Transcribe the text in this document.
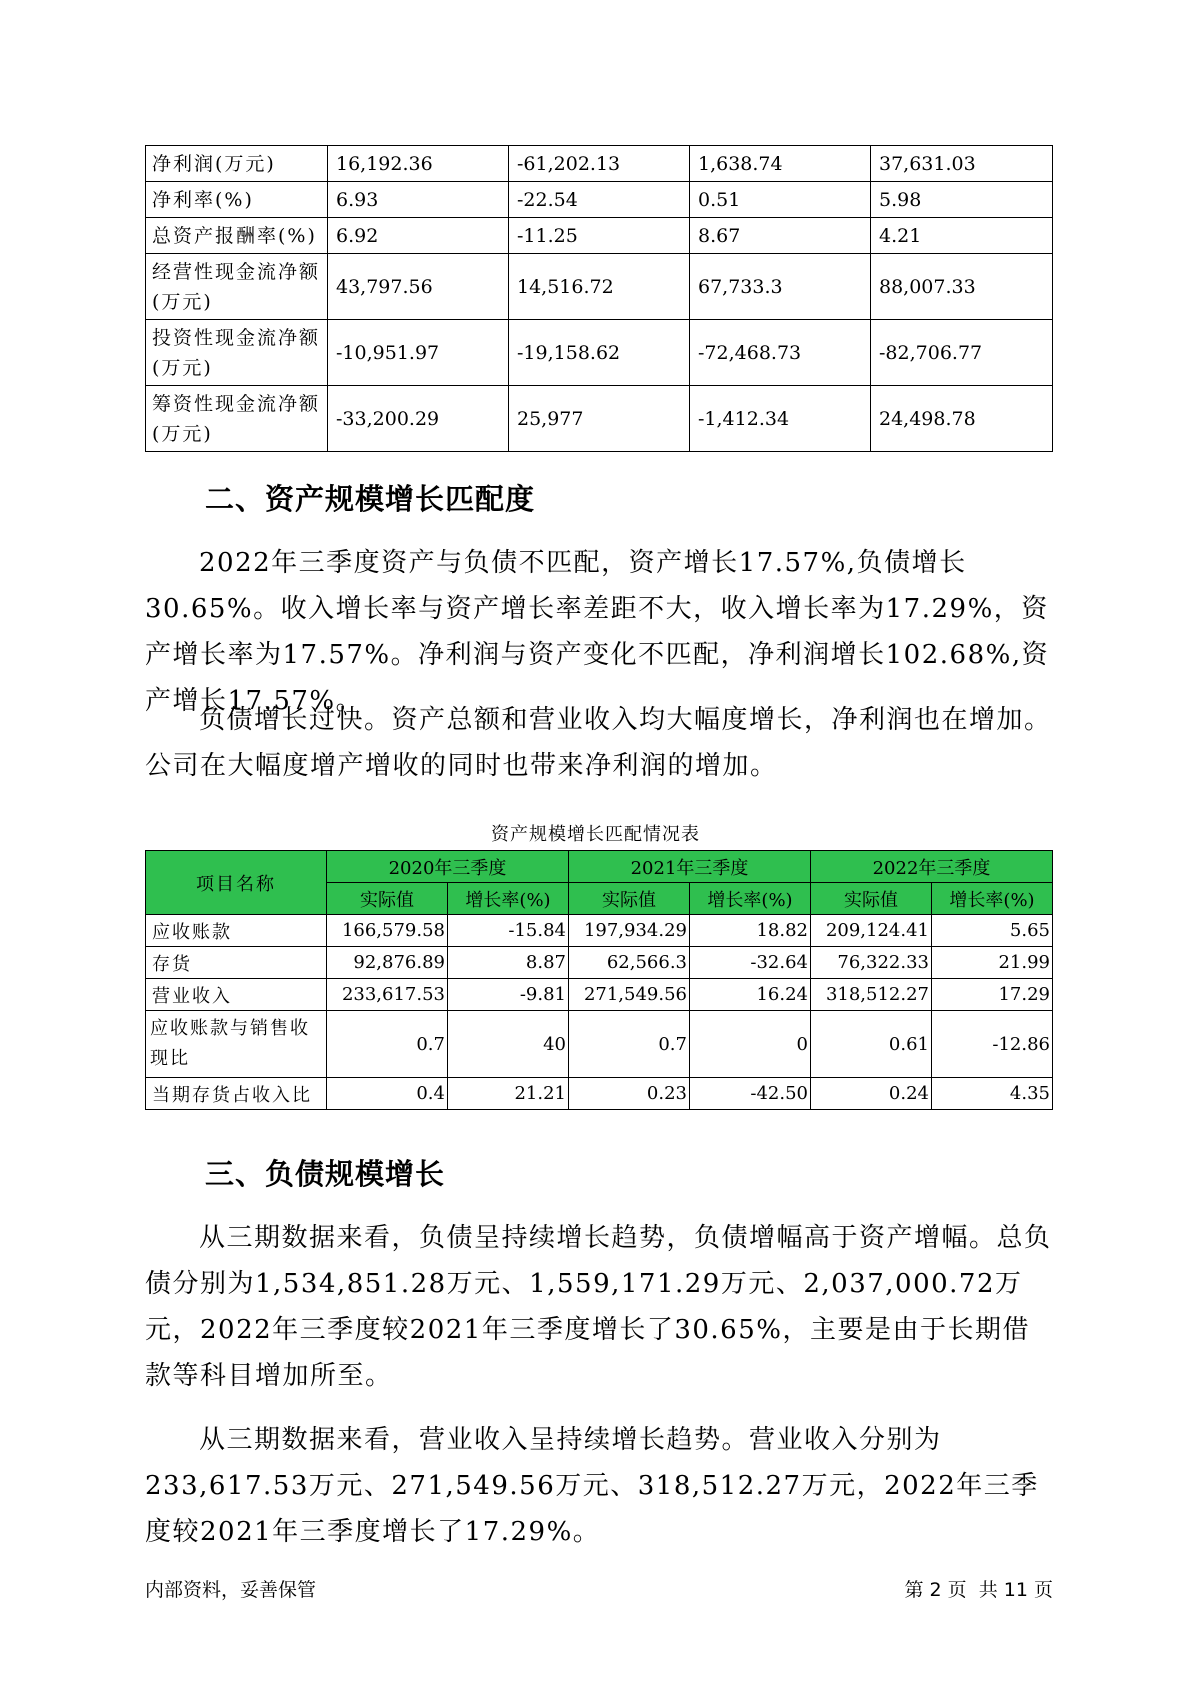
净利润(万元)	16,192.36	-61,202.13	1,638.74	37,631.03
净利率(%)	6.93	-22.54	0.51	5.98
总资产报酬率(%)	6.92	-11.25	8.67	4.21
经营性现金流净额(万元)	43,797.56	14,516.72	67,733.3	88,007.33
投资性现金流净额(万元)	-10,951.97	-19,158.62	-72,468.73	-82,706.77
筹资性现金流净额(万元)	-33,200.29	25,977	-1,412.34	24,498.78
二、资产规模增长匹配度
2022年三季度资产与负债不匹配，资产增长17.57%,负债增长30.65%。收入增长率与资产增长率差距不大，收入增长率为17.29%，资产增长率为17.57%。净利润与资产变化不匹配，净利润增长102.68%,资产增长17.57%。
负债增长过快。资产总额和营业收入均大幅度增长，净利润也在增加。公司在大幅度增产增收的同时也带来净利润的增加。
资产规模增长匹配情况表
项目名称	2020年三季度		2021年三季度		2022年三季度	
	实际值	增长率(%)	实际值	增长率(%)	实际值	增长率(%)
应收账款	166,579.58	-15.84	197,934.29	18.82	209,124.41	5.65
存货	92,876.89	8.87	62,566.3	-32.64	76,322.33	21.99
营业收入	233,617.53	-9.81	271,549.56	16.24	318,512.27	17.29
应收账款与销售收现比	0.7	40	0.7	0	0.61	-12.86
当期存货占收入比	0.4	21.21	0.23	-42.50	0.24	4.35
三、负债规模增长
从三期数据来看，负债呈持续增长趋势，负债增幅高于资产增幅。总负债分别为1,534,851.28万元、1,559,171.29万元、2,037,000.72万元，2022年三季度较2021年三季度增长了30.65%，主要是由于长期借款等科目增加所至。
从三期数据来看，营业收入呈持续增长趋势。营业收入分别为233,617.53万元、271,549.56万元、318,512.27万元，2022年三季度较2021年三季度增长了17.29%。
内部资料，妥善保管	第 2 页  共 11 页
